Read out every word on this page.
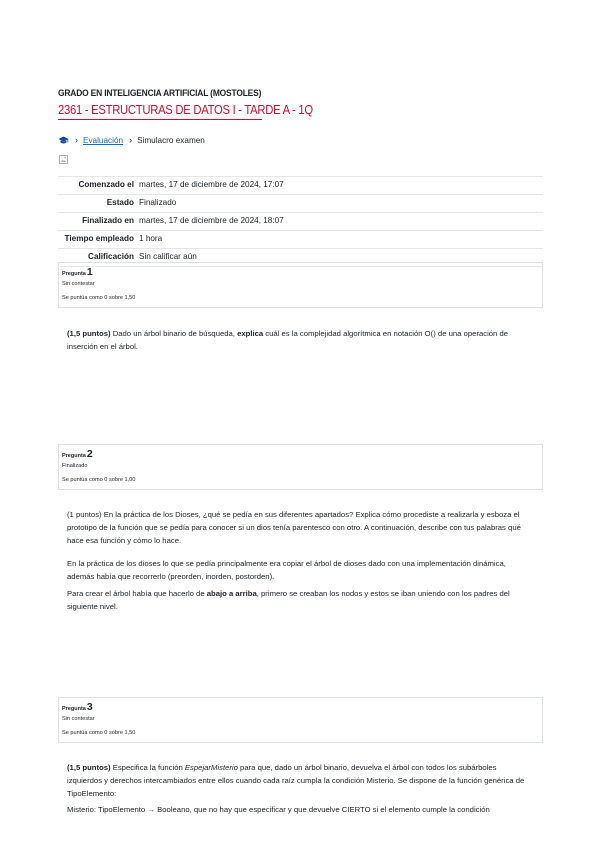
GRADO EN INTELIGENCIA ARTIFICIAL (MOSTOLES)
2361 - ESTRUCTURAS DE DATOS I - TARDE A - 1Q
› Evaluación › Simulacro examen
Comenzado el	martes, 17 de diciembre de 2024, 17:07
Estado	Finalizado
Finalizado en	martes, 17 de diciembre de 2024, 18:07
Tiempo empleado	1 hora
Calificación	Sin calificar aún
Pregunta1
Sin contestar
Se puntúa como 0 sobre 1,50

(1,5 puntos) Dado un árbol binario de búsqueda, explica cuál es la complejidad algorítmica en notación O() de una operación de inserción en el árbol.

Pregunta2
Finalizado
Se puntúa como 0 sobre 1,00

(1 puntos) En la práctica de los Dioses, ¿qué se pedía en sus diferentes apartados? Explica cómo procediste a realizarla y esboza el prototipo de la función que se pedía para conocer si un dios tenía parentesco con otro. A continuación, describe con tus palabras qué hace esa función y cómo lo hace.

En la práctica de los dioses lo que se pedía principalmente era copiar el árbol de dioses dado con una implementación dinámica, además había que recorrerlo (preorden, inorden, postorden).

Para crear el árbol había que hacerlo de abajo a arriba, primero se creaban los nodos y estos se iban uniendo con los padres del siguiente nivel.

Pregunta3
Sin contestar
Se puntúa como 0 sobre 1,50

(1,5 puntos) Especifica la función EspejarMisterio para que, dado un árbol binario, devuelva el árbol con todos los subárboles izquierdos y derechos intercambiados entre ellos cuando cada raíz cumpla la condición Misterio. Se dispone de la función genérica de TipoElemento:

Misterio: TipoElemento → Booleano, que no hay que especificar y que devuelve CIERTO si el elemento cumple la condición
